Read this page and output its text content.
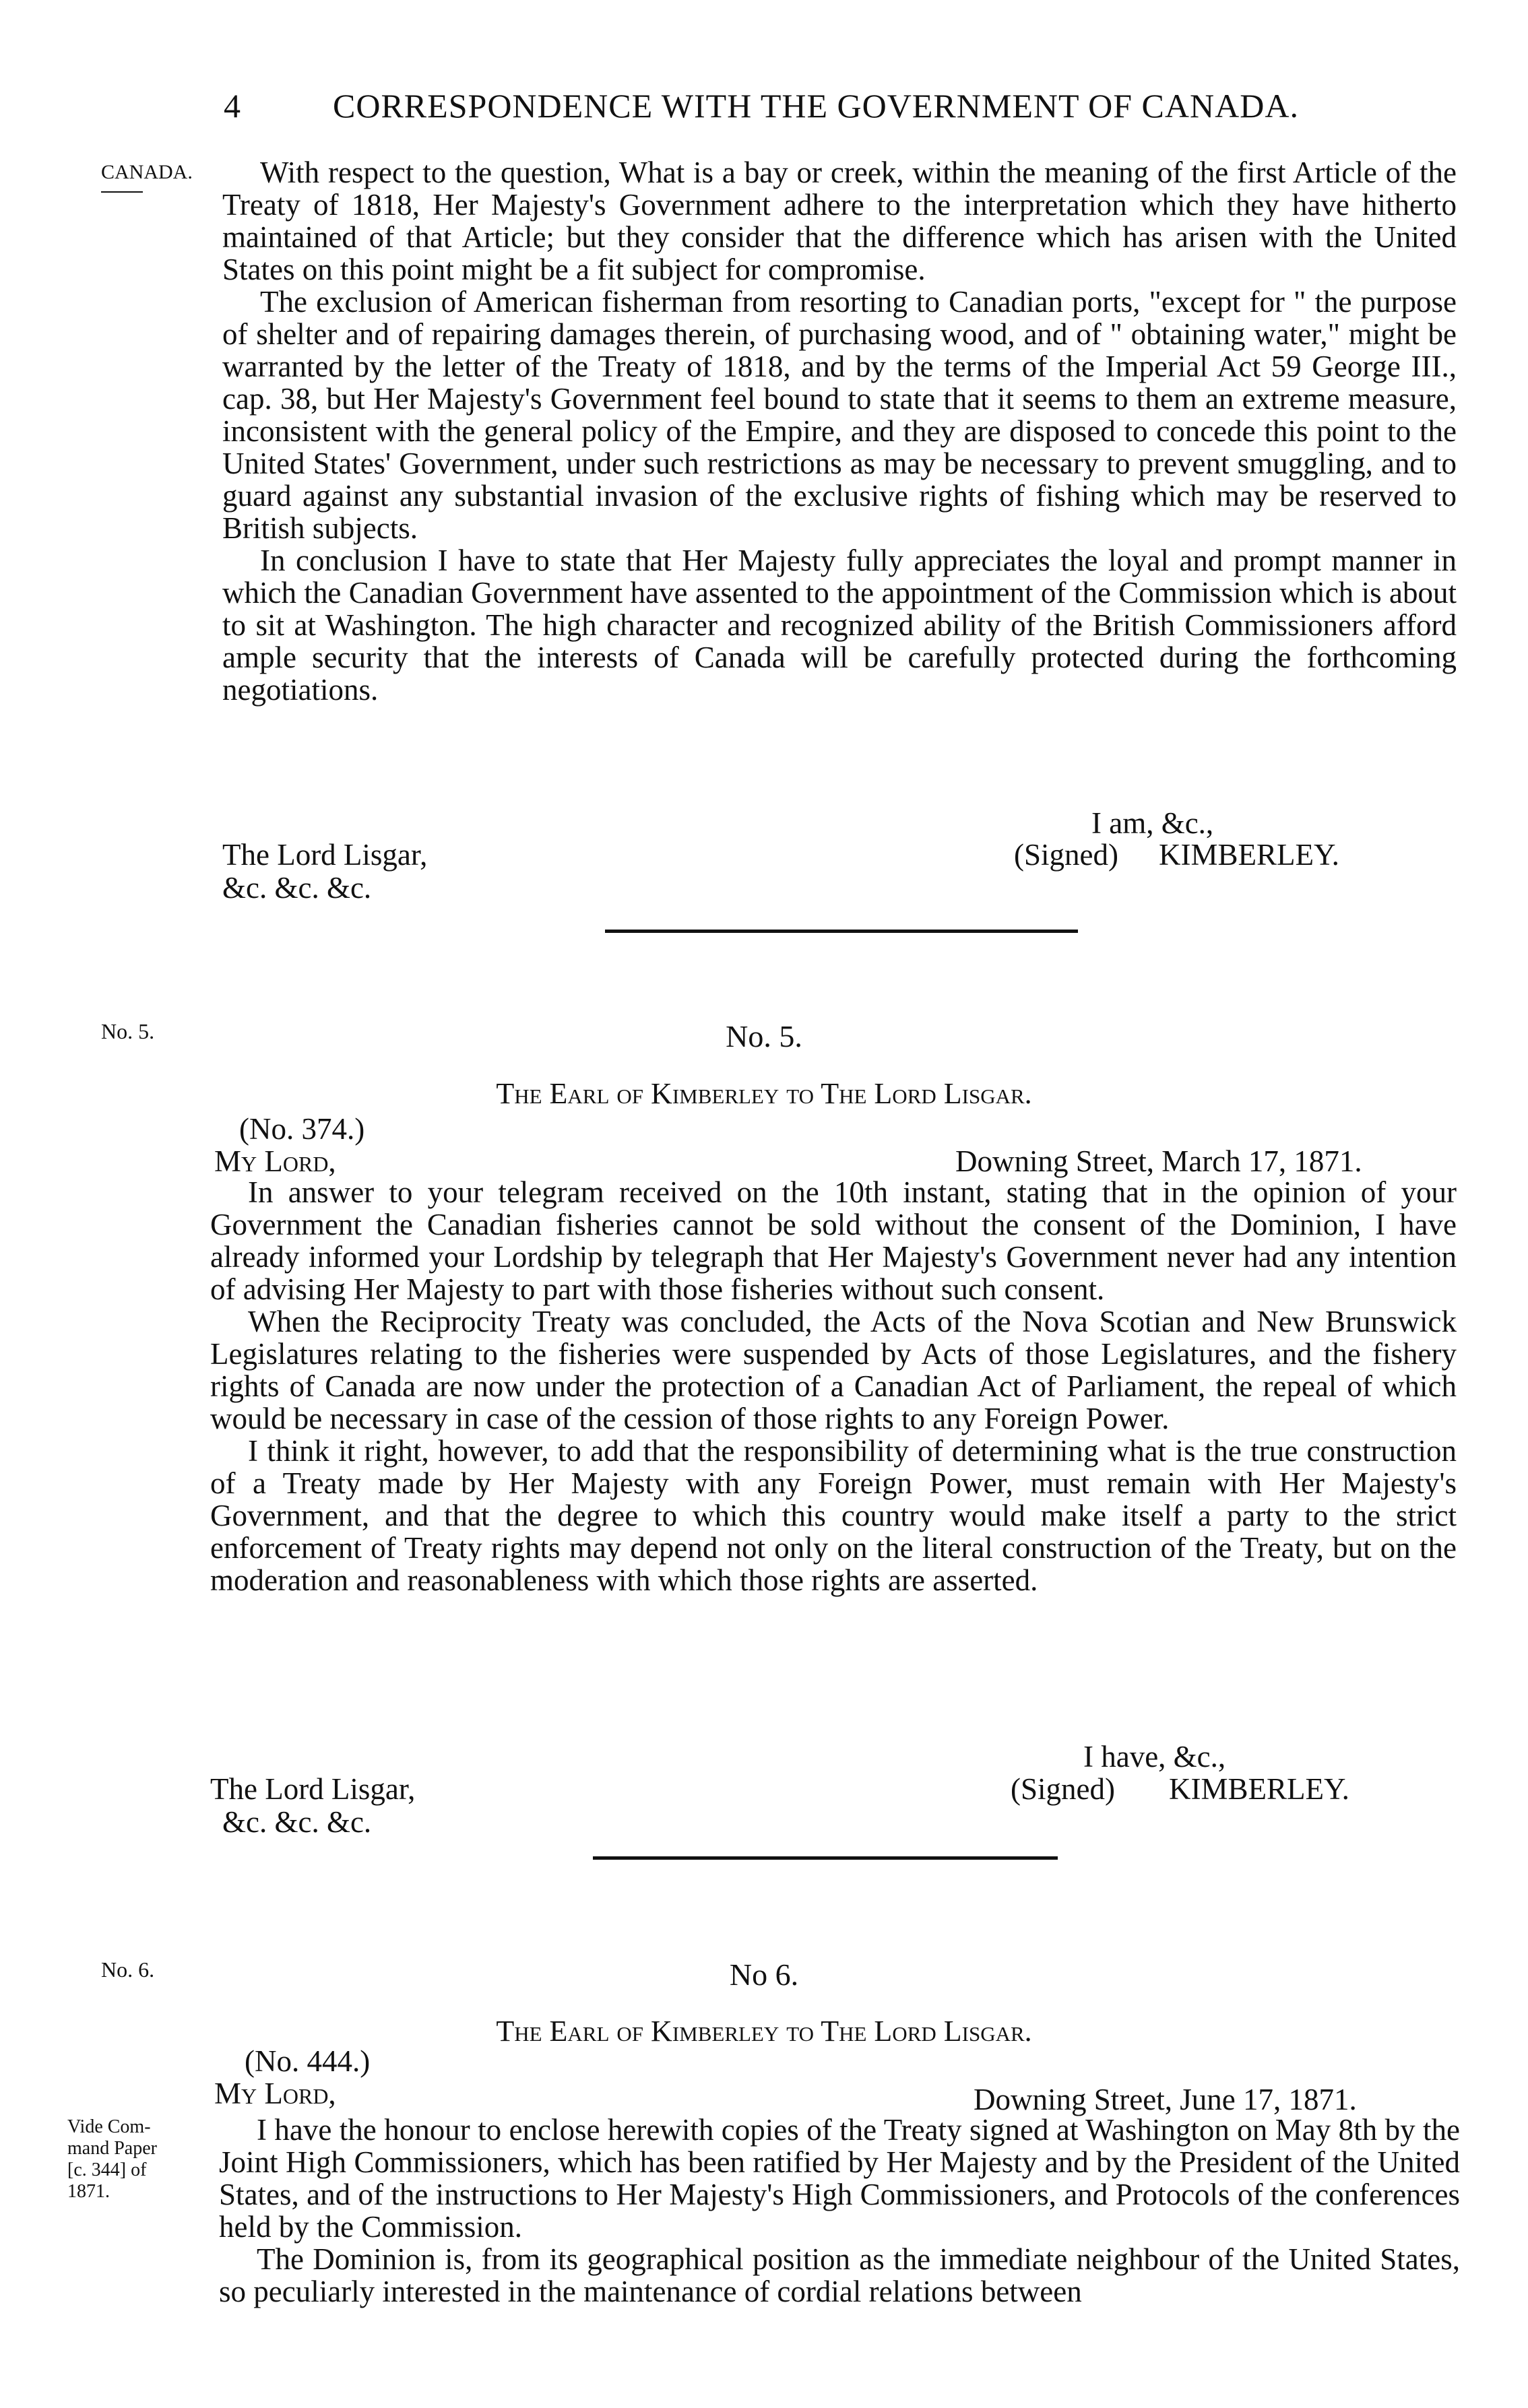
4	CORRESPONDENCE WITH THE GOVERNMENT OF CANADA.
CANADA.
No. 5.
No. 6.
Vide Com-
mand Paper
[c. 344] of
1871.

With respect to the question, What is a bay or creek, within the meaning of the first Article of the Treaty of 1818, Her Majesty's Government adhere to the interpretation which they have hitherto maintained of that Article; but they consider that the difference which has arisen with the United States on this point might be a fit subject for compromise.

The exclusion of American fisherman from resorting to Canadian ports, "except for " the purpose of shelter and of repairing damages therein, of purchasing wood, and of " obtaining water," might be warranted by the letter of the Treaty of 1818, and by the terms of the Imperial Act 59 George III., cap. 38, but Her Majesty's Government feel bound to state that it seems to them an extreme measure, inconsistent with the general policy of the Empire, and they are disposed to concede this point to the United States' Government, under such restrictions as may be necessary to prevent smuggling, and to guard against any substantial invasion of the exclusive rights of fishing which may be reserved to British subjects.

In conclusion I have to state that Her Majesty fully appreciates the loyal and prompt manner in which the Canadian Government have assented to the appointment of the Commission which is about to sit at Washington. The high character and recognized ability of the British Commissioners afford ample security that the interests of Canada will be carefully protected during the forthcoming negotiations.

I am, &c.,
The Lord Lisgar,	(Signed) KIMBERLEY.
&c. &c. &c.
No. 5.
The Earl of Kimberley to The Lord Lisgar.
(No. 374.)
My Lord,	Downing Street, March 17, 1871.

In answer to your telegram received on the 10th instant, stating that in the opinion of your Government the Canadian fisheries cannot be sold without the consent of the Dominion, I have already informed your Lordship by telegraph that Her Majesty's Government never had any intention of advising Her Majesty to part with those fisheries without such consent.

When the Reciprocity Treaty was concluded, the Acts of the Nova Scotian and New Brunswick Legislatures relating to the fisheries were suspended by Acts of those Legislatures, and the fishery rights of Canada are now under the protection of a Canadian Act of Parliament, the repeal of which would be necessary in case of the cession of those rights to any Foreign Power.

I think it right, however, to add that the responsibility of determining what is the true construction of a Treaty made by Her Majesty with any Foreign Power, must remain with Her Majesty's Government, and that the degree to which this country would make itself a party to the strict enforcement of Treaty rights may depend not only on the literal construction of the Treaty, but on the moderation and reasonableness with which those rights are asserted.

I have, &c.,
The Lord Lisgar,	(Signed) KIMBERLEY.
&c. &c. &c.
No 6.
The Earl of Kimberley to The Lord Lisgar.
(No. 444.)
My Lord,	Downing Street, June 17, 1871.

I have the honour to enclose herewith copies of the Treaty signed at Washington on May 8th by the Joint High Commissioners, which has been ratified by Her Majesty and by the President of the United States, and of the instructions to Her Majesty's High Commissioners, and Protocols of the conferences held by the Commission.

The Dominion is, from its geographical position as the immediate neighbour of the United States, so peculiarly interested in the maintenance of cordial relations between
